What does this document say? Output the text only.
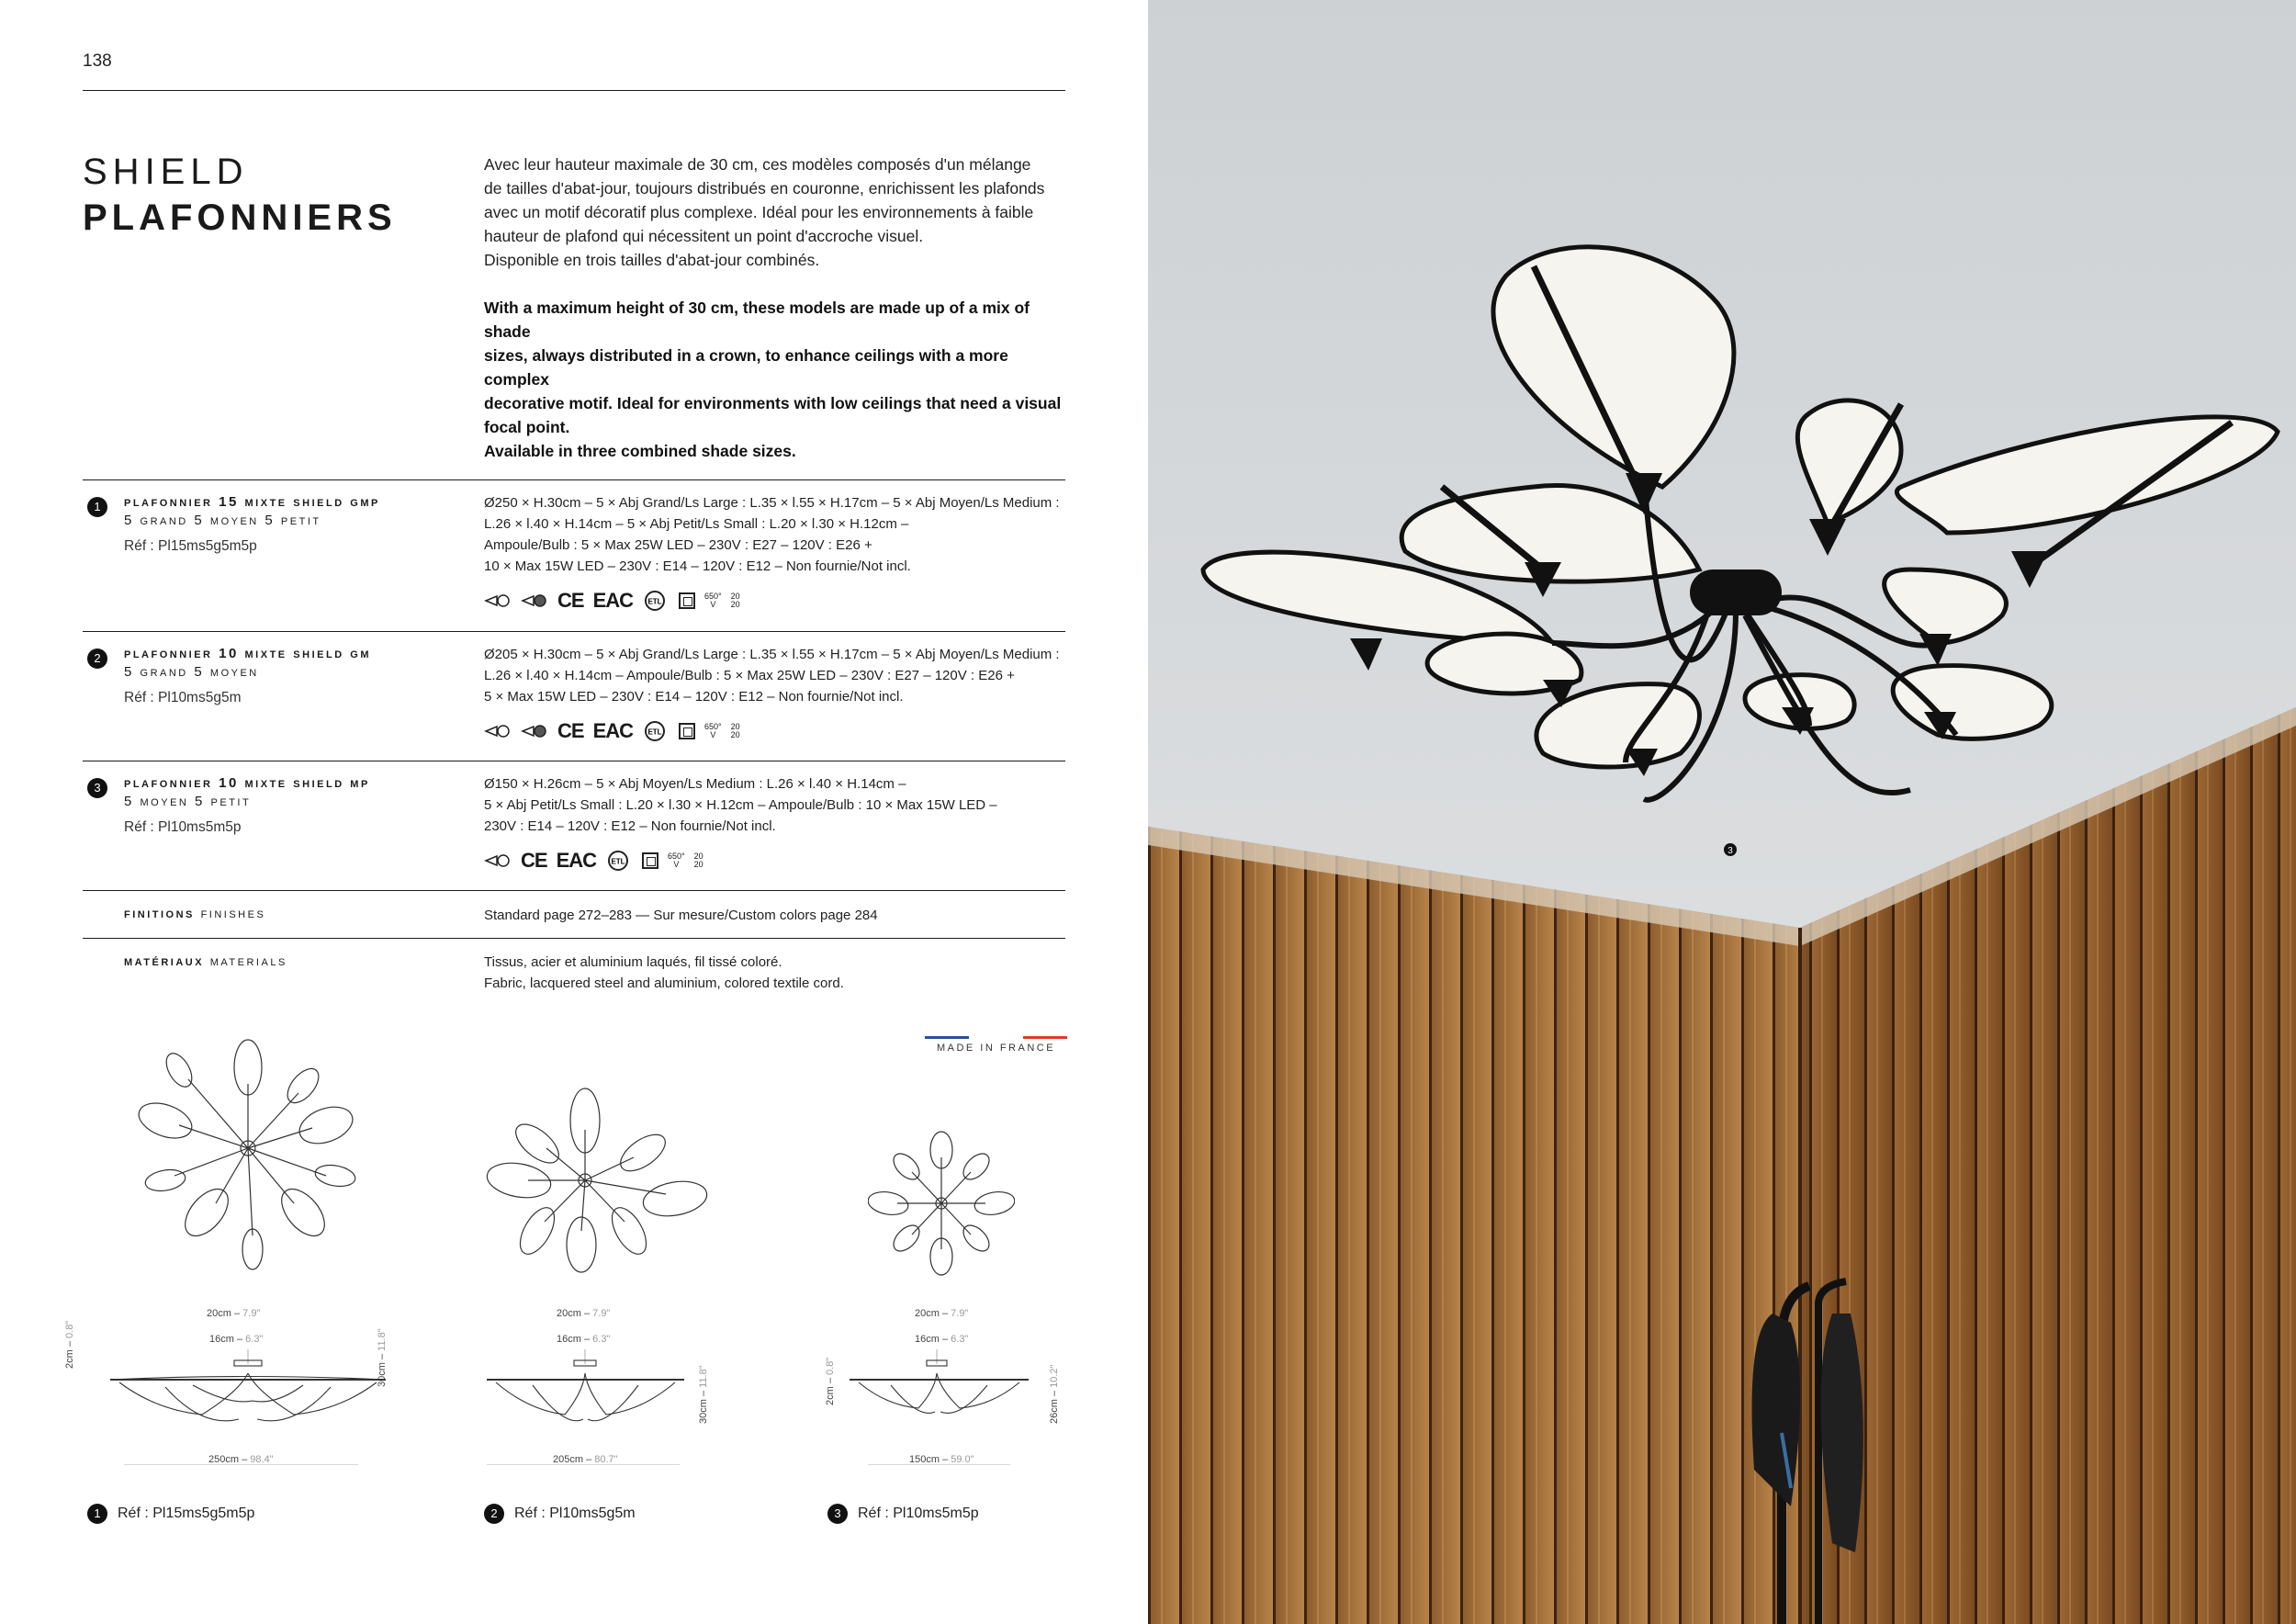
138
SHIELD
PLAFONNIERS

Avec leur hauteur maximale de 30 cm, ces modèles composés d'un mélange

de tailles d'abat-jour, toujours distribués en couronne, enrichissent les plafonds

avec un motif décoratif plus complexe. Idéal pour les environnements à faible

hauteur de plafond qui nécessitent un point d'accroche visuel.

Disponible en trois tailles d'abat-jour combinés.

With a maximum height of 30 cm, these models are made up of a mix of shade

sizes, always distributed in a crown, to enhance ceilings with a more complex

decorative motif. Ideal for environments with low ceilings that need a visual

focal point.

Available in three combined shade sizes.

1	plafonnier 15 mixte shield gmp
5 grand 5 moyen 5 petit
Réf : Pl15ms5g5m5p
Ø250 × H.30cm – 5 × Abj Grand/Ls Large : L.35 × l.55 × H.17cm – 5 × Abj Moyen/Ls Medium :
L.26 × l.40 × H.14cm – 5 × Abj Petit/Ls Small : L.20 × l.30 × H.12cm –
Ampoule/Bulb : 5 × Max 25W LED – 230V : E27 – 120V : E26 +
10 × Max 15W LED – 230V : E14 – 120V : E12 – Non fournie/Not incl.
CE EAC ETL
650°
V
20
20
2	plafonnier 10 mixte shield gm
5 grand 5 moyen
Réf : Pl10ms5g5m
Ø205 × H.30cm – 5 × Abj Grand/Ls Large : L.35 × l.55 × H.17cm – 5 × Abj Moyen/Ls Medium :
L.26 × l.40 × H.14cm – Ampoule/Bulb : 5 × Max 25W LED – 230V : E27 – 120V : E26 +
5 × Max 15W LED – 230V : E14 – 120V : E12 – Non fournie/Not incl.
CE EAC ETL
650°
V
20
20
3	plafonnier 10 mixte shield mp
5 moyen 5 petit
Réf : Pl10ms5m5p
Ø150 × H.26cm – 5 × Abj Moyen/Ls Medium : L.26 × l.40 × H.14cm –
5 × Abj Petit/Ls Small : L.20 × l.30 × H.12cm – Ampoule/Bulb : 10 × Max 15W LED –
230V : E14 – 120V : E12 – Non fournie/Not incl.
CE EAC ETL
650°
V
20
20
finitions finishes	Standard page 272–283 — Sur mesure/Custom colors page 284
matériaux materials	Tissus, acier et aluminium laqués, fil tissé coloré.
Fabric, lacquered steel and aluminium, colored textile cord.
MADE IN FRANCE
20cm – 7.9"
16cm – 6.3"
2cm – 0.8"
30cm – 11.8"
250cm – 98.4"
20cm – 7.9"
16cm – 6.3"
30cm – 11.8"
205cm – 80.7"
20cm – 7.9"
16cm – 6.3"
2cm – 0.8"
26cm – 10.2"
150cm – 59.0"
1	Réf : Pl15ms5g5m5p	2	Réf : Pl10ms5g5m	3	Réf : Pl10ms5m5p
3
